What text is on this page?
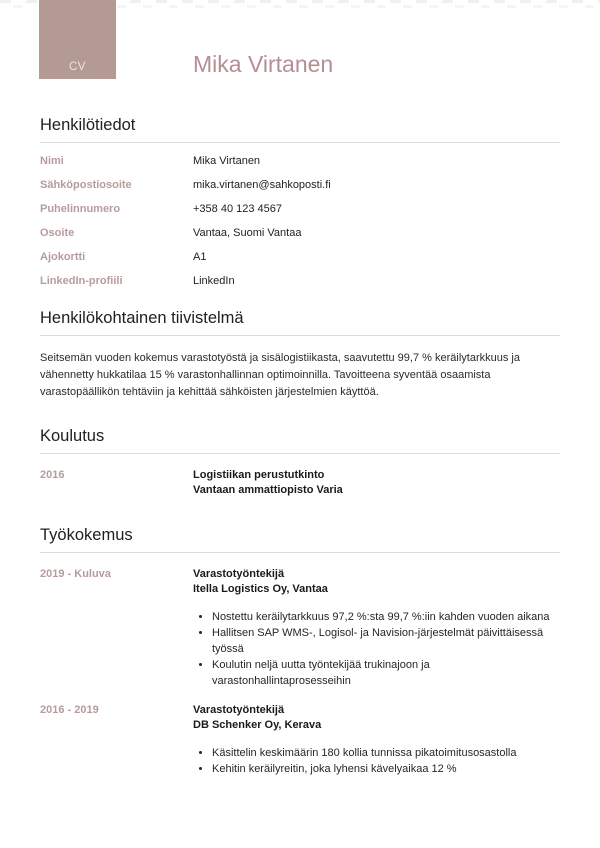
CV	Mika Virtanen
Henkilötiedot
Nimi	Mika Virtanen
Sähköpostiosoite	mika.virtanen@sahkoposti.fi
Puhelinnumero	+358 40 123 4567
Osoite	Vantaa, Suomi Vantaa
Ajokortti	A1
LinkedIn-profiili	LinkedIn
Henkilökohtainen tiivistelmä

Seitsemän vuoden kokemus varastotyöstä ja sisälogistiikasta, saavutettu 99,7 % keräilytarkkuus ja vähennetty hukkatilaa 15 % varastonhallinnan optimoinnilla. Tavoitteena syventää osaamista varastopäällikön tehtäviin ja kehittää sähköisten järjestelmien käyttöä.

Koulutus
2016	Logistiikan perustutkinto
Vantaan ammattiopisto Varia
Työkokemus
2019 - Kuluva	Varastotyöntekijä
Itella Logistics Oy, Vantaa
• Nostettu keräilytarkkuus 97,2 %:sta 99,7 %:iin kahden vuoden aikana
• Hallitsen SAP WMS-, Logisol- ja Navision-järjestelmät päivittäisessä työssä
• Koulutin neljä uutta työntekijää trukinajoon ja varastonhallintaprosesseihin
2016 - 2019	Varastotyöntekijä
DB Schenker Oy, Kerava
• Käsittelin keskimäärin 180 kollia tunnissa pikatoimitusosastolla
• Kehitin keräilyreitin, joka lyhensi kävelyaikaa 12 %
